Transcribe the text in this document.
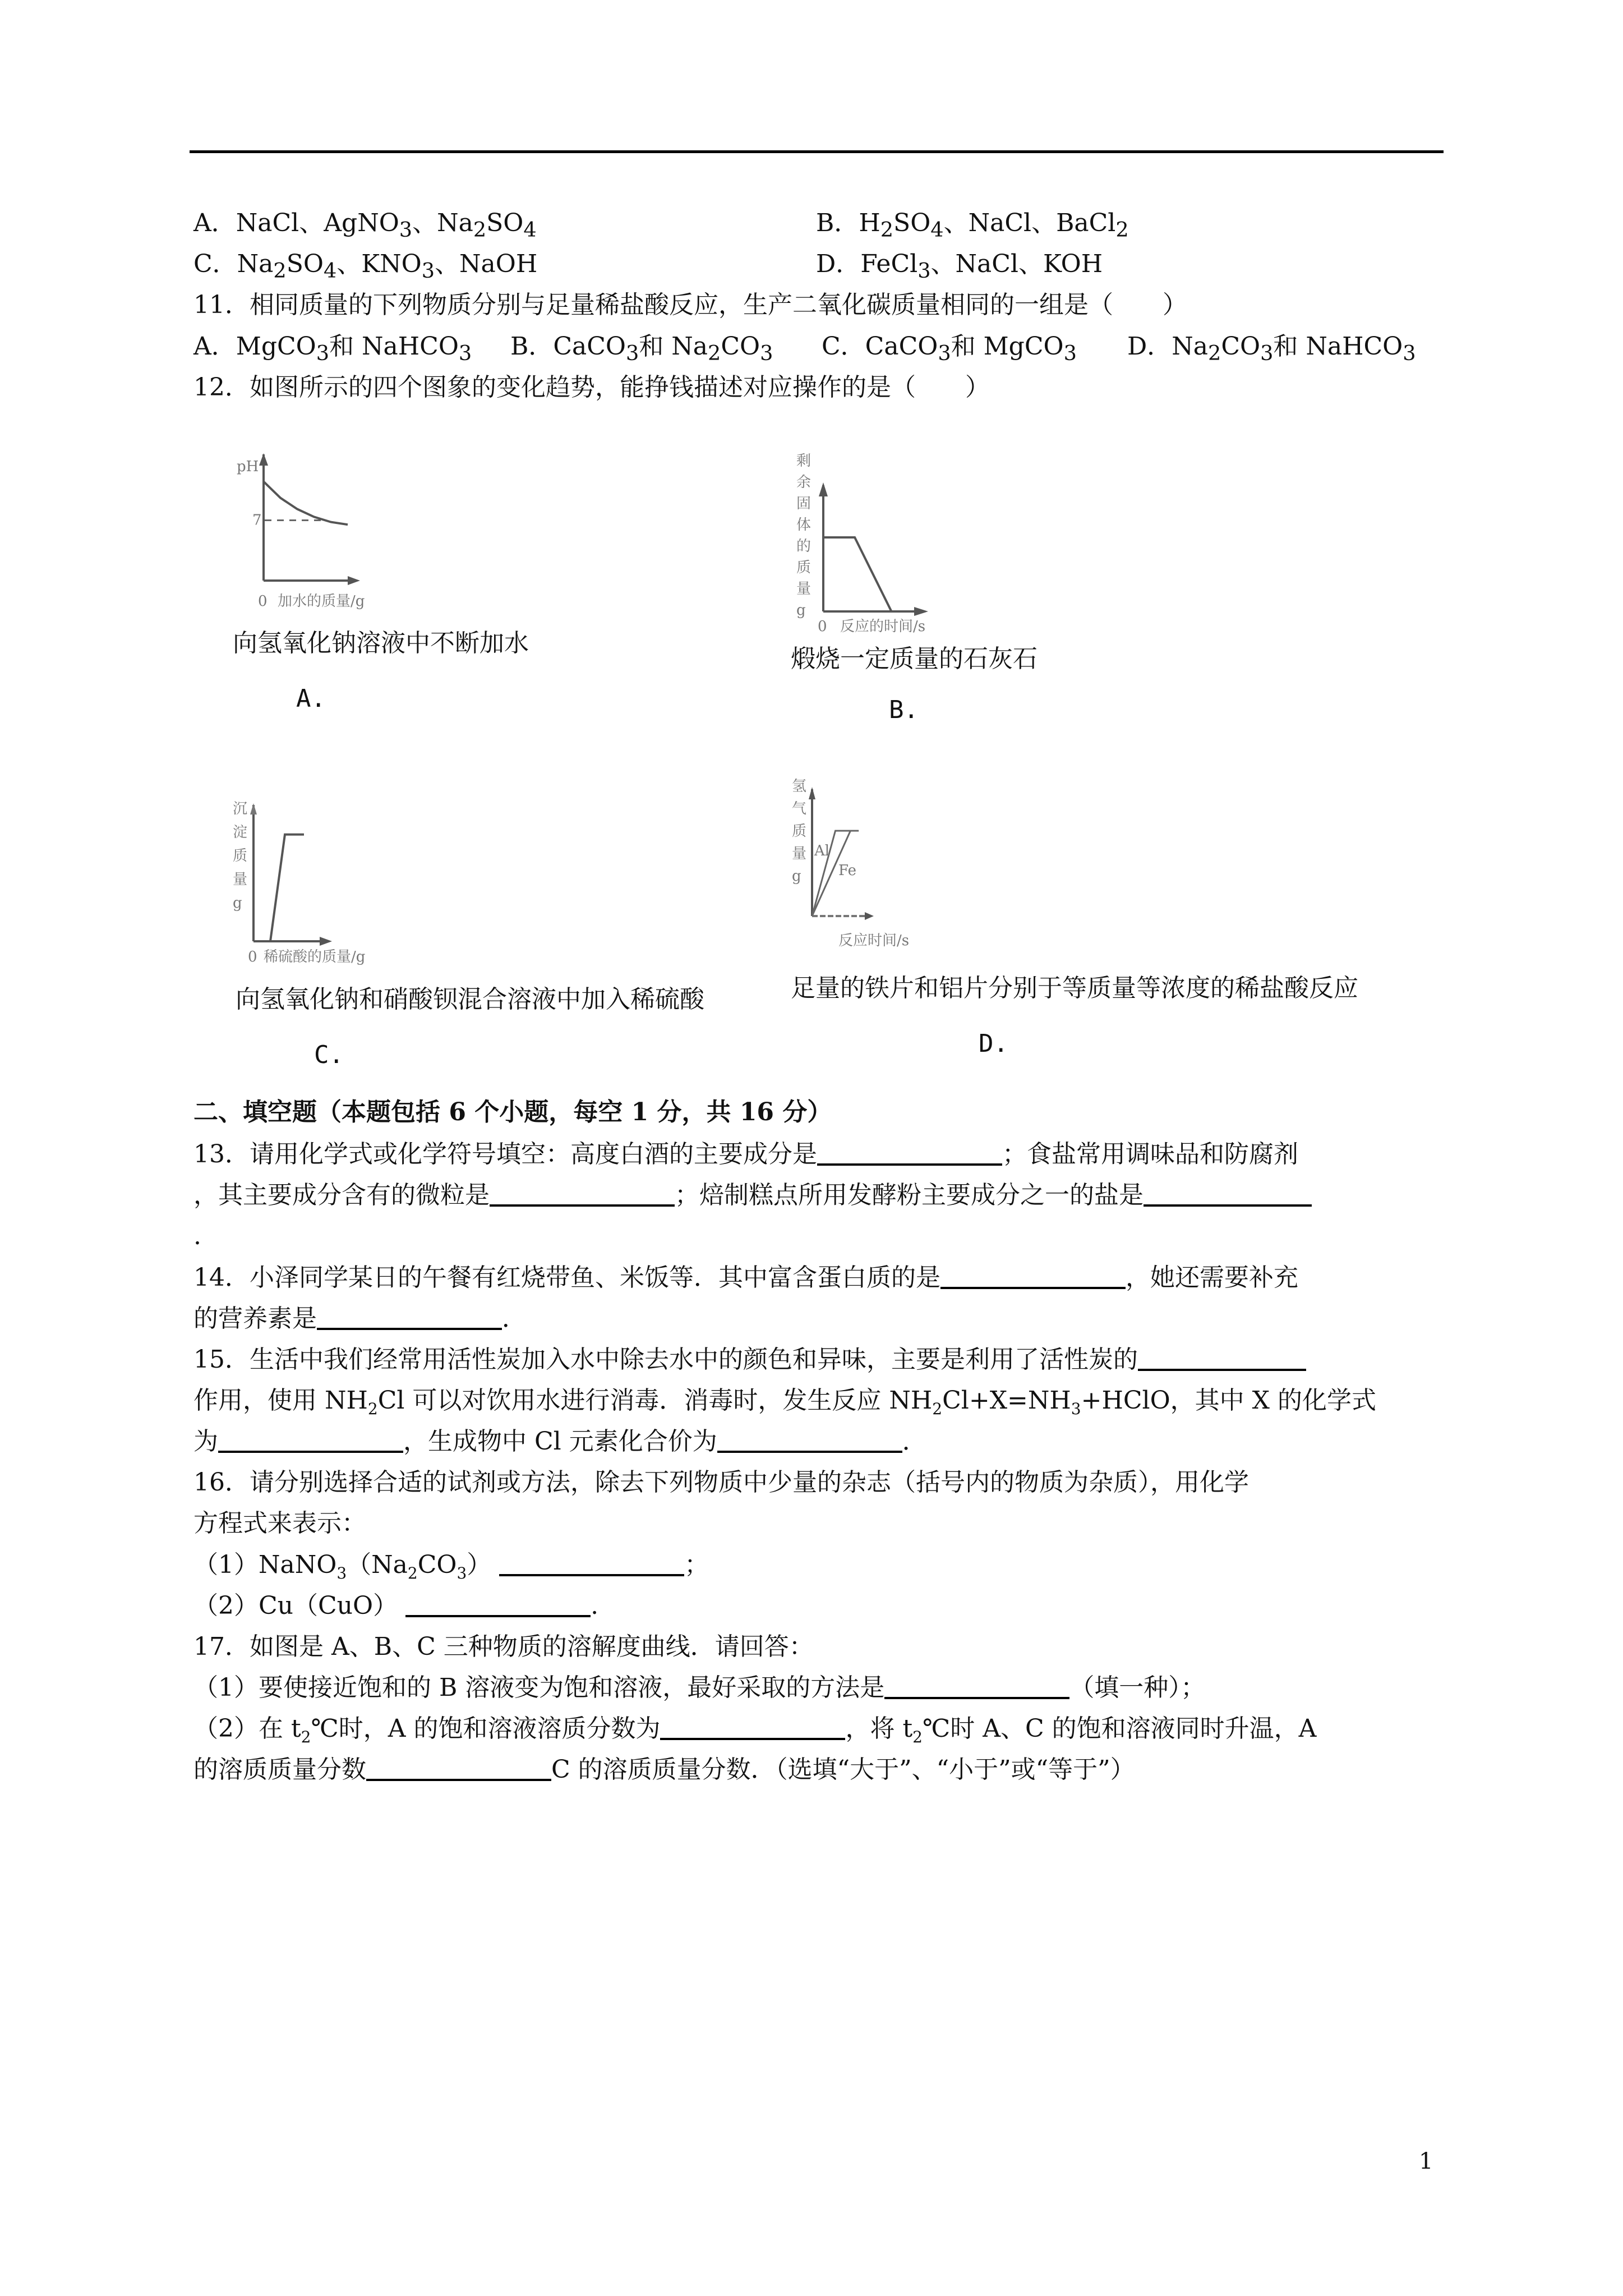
A．NaCl、AgNO$_3$、$Na_2SO_4$	B．$H_2SO_4$、NaCl、BaCl$_2$
C．$Na_2SO_4$、$KNO_3$、NaOH	D．FeCl$_3$、NaCl、KOH
11．相同质量的下列物质分别与足量稀盐酸反应，生产二氧化碳质量相同的一组是（　　）
A．MgCO$_3$和 NaHCO$_3$ B．CaCO$_3$和 $Na_2CO_3$ C．CaCO$_3$和 MgCO$_3$ D．$Na_2CO_3$和 NaHCO$_3$
12．如图所示的四个图象的变化趋势，能挣钱描述对应操作的是（　　）
pH
7
0 加水的质量/g
向氢氧化钠溶液中不断加水
A.
剩
余
固
体
的
质
量
g
0 反应的时间/s
煅烧一定质量的石灰石
B.
沉
淀
质
量
g
0 稀硫酸的质量/g
向氢氧化钠和硝酸钡混合溶液中加入稀硫酸
C.
氢
气
质
量
g
Al
Fe
反应时间/s
足量的铁片和铝片分别于等质量等浓度的稀盐酸反应
D.
二、填空题（本题包括 6 个小题，每空 1 分，共 16 分）
13．请用化学式或化学符号填空：高度白酒的主要成分是	；食盐常用调味品和防腐剂
，其主要成分含有的微粒是	；焙制糕点所用发酵粉主要成分之一的盐是
.
14．小泽同学某日的午餐有红烧带鱼、米饭等．其中富含蛋白质的是	，她还需要补充
的营养素是	．
15．生活中我们经常用活性炭加入水中除去水中的颜色和异味，主要是利用了活性炭的
作用，使用 $NH_2Cl$ 可以对饮用水进行消毒．消毒时，发生反应 $NH_2Cl+X=NH_3+HClO$，其中 X 的化学式
为	，生成物中 Cl 元素化合价为	．
16．请分别选择合适的试剂或方法，除去下列物质中少量的杂志（括号内的物质为杂质），用化学
方程式来表示：
$(1)NaNO_3(Na_2CO_3)$	；
（2）Cu（CuO）	.
17．如图是 A、B、C 三种物质的溶解度曲线．请回答：
（1）要使接近饱和的 B 溶液变为饱和溶液，最好采取的方法是	（填一种）；
（2）在 $t_2℃$时，A 的饱和溶液溶质分数为	，将 $t_2℃$时 A、C 的饱和溶液同时升温，A
的溶质质量分数	C 的溶质质量分数．（选填“大于”、“小于”或“等于”）
1
